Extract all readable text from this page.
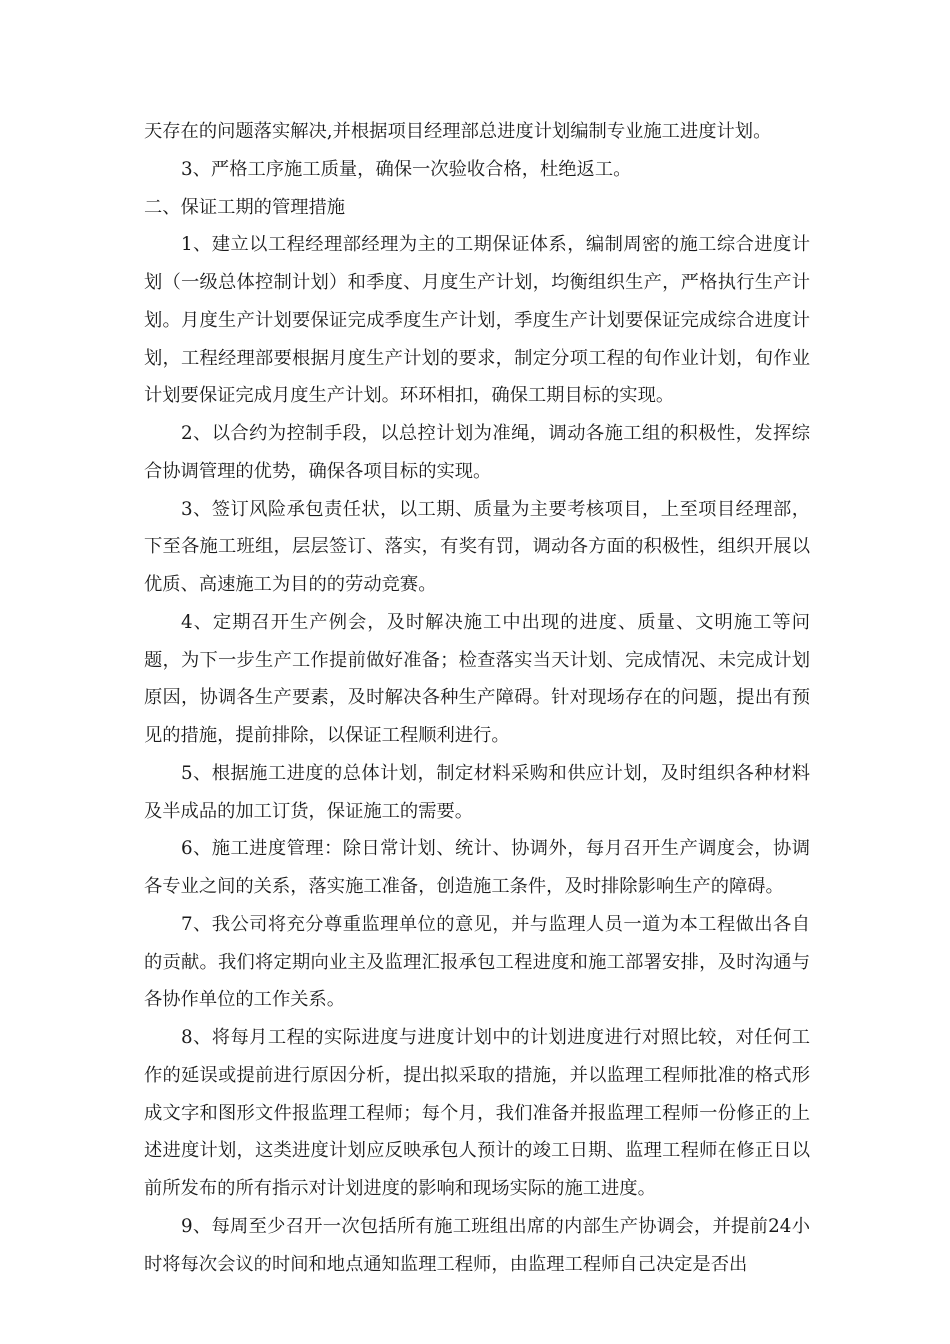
天存在的问题落实解决,并根据项目经理部总进度计划编制专业施工进度计划。

3、严格工序施工质量，确保一次验收合格，杜绝返工。

二、保证工期的管理措施

1、建立以工程经理部经理为主的工期保证体系，编制周密的施工综合进度计划（一级总体控制计划）和季度、月度生产计划，均衡组织生产，严格执行生产计划。月度生产计划要保证完成季度生产计划，季度生产计划要保证完成综合进度计划，工程经理部要根据月度生产计划的要求，制定分项工程的旬作业计划，旬作业计划要保证完成月度生产计划。环环相扣，确保工期目标的实现。

2、以合约为控制手段，以总控计划为准绳，调动各施工组的积极性，发挥综合协调管理的优势，确保各项目标的实现。

3、签订风险承包责任状，以工期、质量为主要考核项目，上至项目经理部，下至各施工班组，层层签订、落实，有奖有罚，调动各方面的积极性，组织开展以优质、高速施工为目的的劳动竞赛。

4、定期召开生产例会，及时解决施工中出现的进度、质量、文明施工等问题，为下一步生产工作提前做好准备；检查落实当天计划、完成情况、未完成计划原因，协调各生产要素，及时解决各种生产障碍。针对现场存在的问题，提出有预见的措施，提前排除，以保证工程顺利进行。

5、根据施工进度的总体计划，制定材料采购和供应计划，及时组织各种材料及半成品的加工订货，保证施工的需要。

6、施工进度管理：除日常计划、统计、协调外，每月召开生产调度会，协调各专业之间的关系，落实施工准备，创造施工条件，及时排除影响生产的障碍。

7、我公司将充分尊重监理单位的意见，并与监理人员一道为本工程做出各自的贡献。我们将定期向业主及监理汇报承包工程进度和施工部署安排，及时沟通与各协作单位的工作关系。

8、将每月工程的实际进度与进度计划中的计划进度进行对照比较，对任何工作的延误或提前进行原因分析，提出拟采取的措施，并以监理工程师批准的格式形成文字和图形文件报监理工程师；每个月，我们准备并报监理工程师一份修正的上述进度计划，这类进度计划应反映承包人预计的竣工日期、监理工程师在修正日以前所发布的所有指示对计划进度的影响和现场实际的施工进度。

9、每周至少召开一次包括所有施工班组出席的内部生产协调会，并提前24小时将每次会议的时间和地点通知监理工程师，由监理工程师自己决定是否出
